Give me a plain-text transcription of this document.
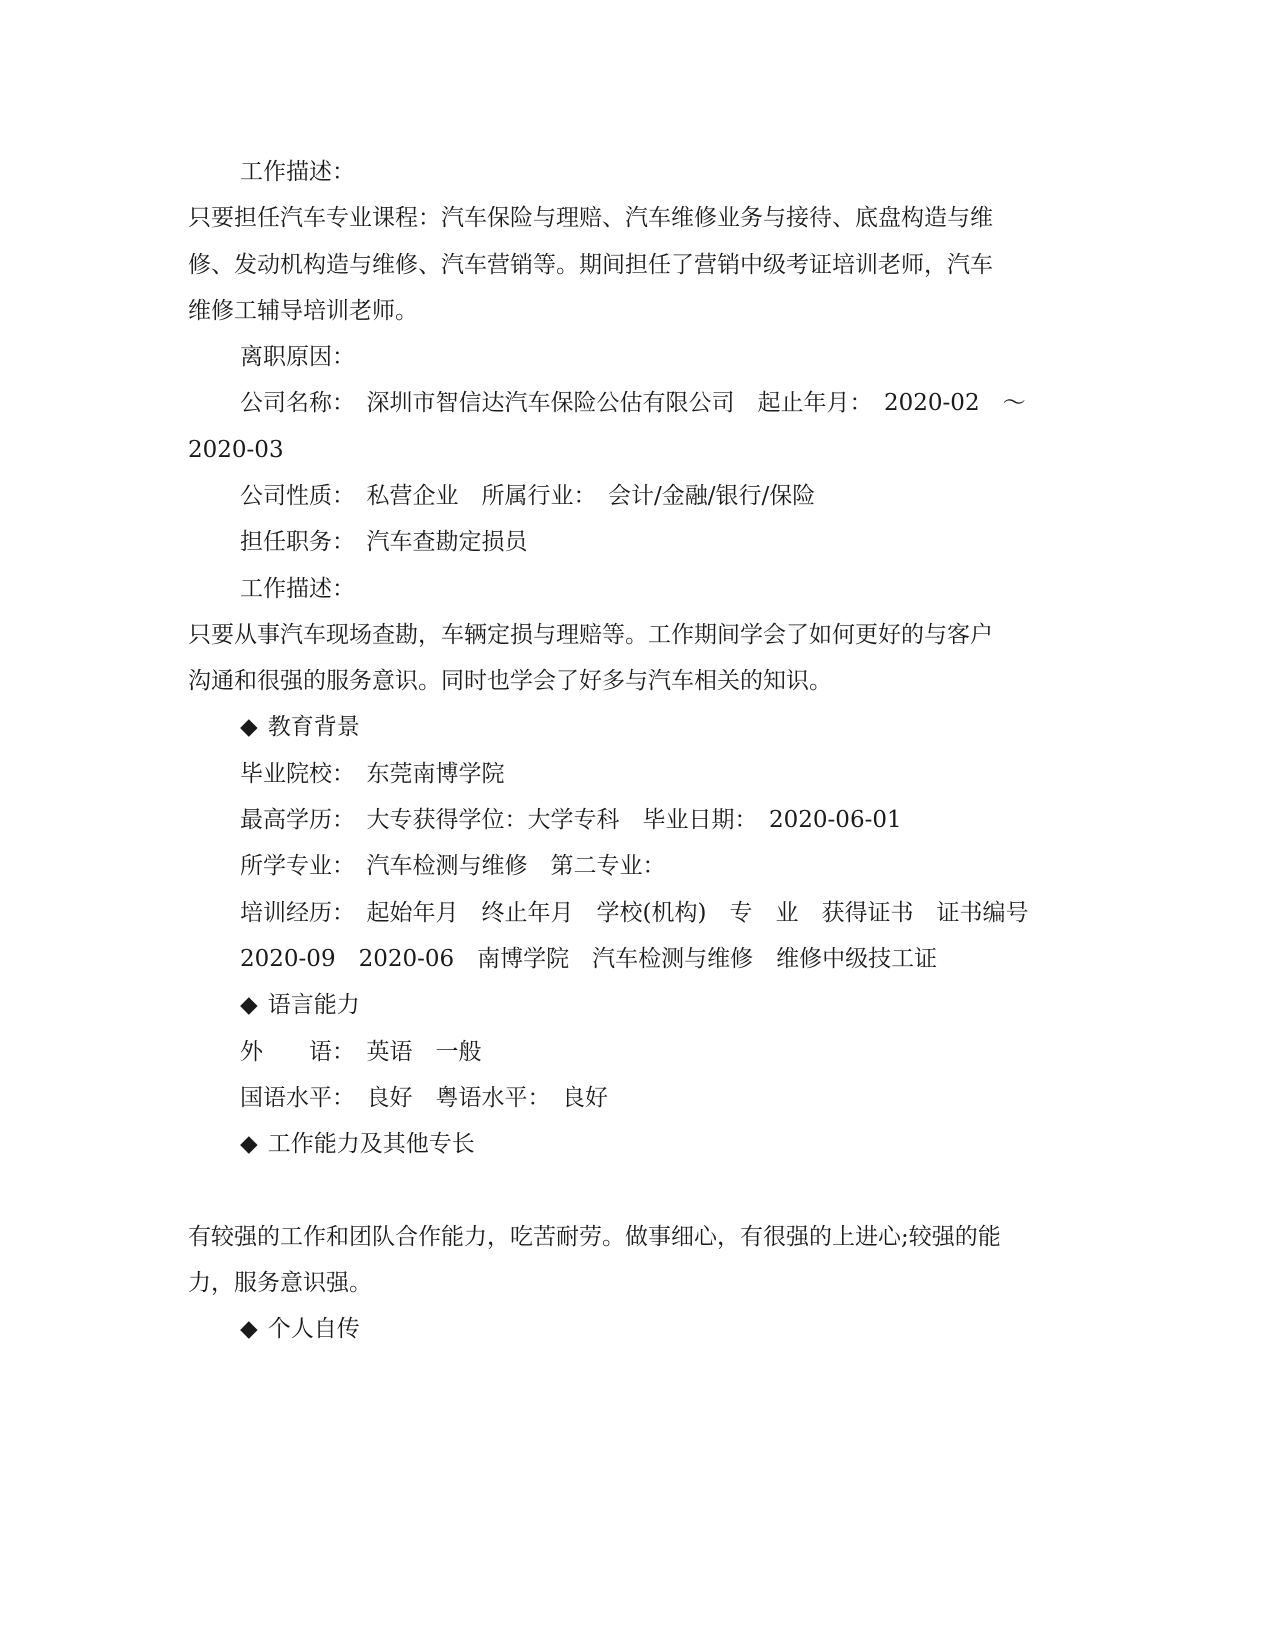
工作描述：
只要担任汽车专业课程：汽车保险与理赔、汽车维修业务与接待、底盘构造与维
修、发动机构造与维修、汽车营销等。期间担任了营销中级考证培训老师，汽车
维修工辅导培训老师。
离职原因：
公司名称：　深圳市智信达汽车保险公估有限公司　起止年月：　2020-02　～
2020-03
公司性质：　私营企业　所属行业：　会计/金融/银行/保险
担任职务：　汽车查勘定损员
工作描述：
只要从事汽车现场查勘，车辆定损与理赔等。工作期间学会了如何更好的与客户
沟通和很强的服务意识。同时也学会了好多与汽车相关的知识。
◆ 教育背景
毕业院校：　东莞南博学院
最高学历：　大专获得学位：大学专科　毕业日期：　2020-06-01
所学专业：　汽车检测与维修　第二专业：
培训经历：　起始年月　终止年月　学校(机构)　专　业　获得证书　证书编号
2020-09　2020-06　南博学院　汽车检测与维修　维修中级技工证
◆ 语言能力
外　　语：　英语　一般
国语水平：　良好　粤语水平：　良好
◆ 工作能力及其他专长
有较强的工作和团队合作能力，吃苦耐劳。做事细心，有很强的上进心;较强的能
力，服务意识强。
◆ 个人自传
